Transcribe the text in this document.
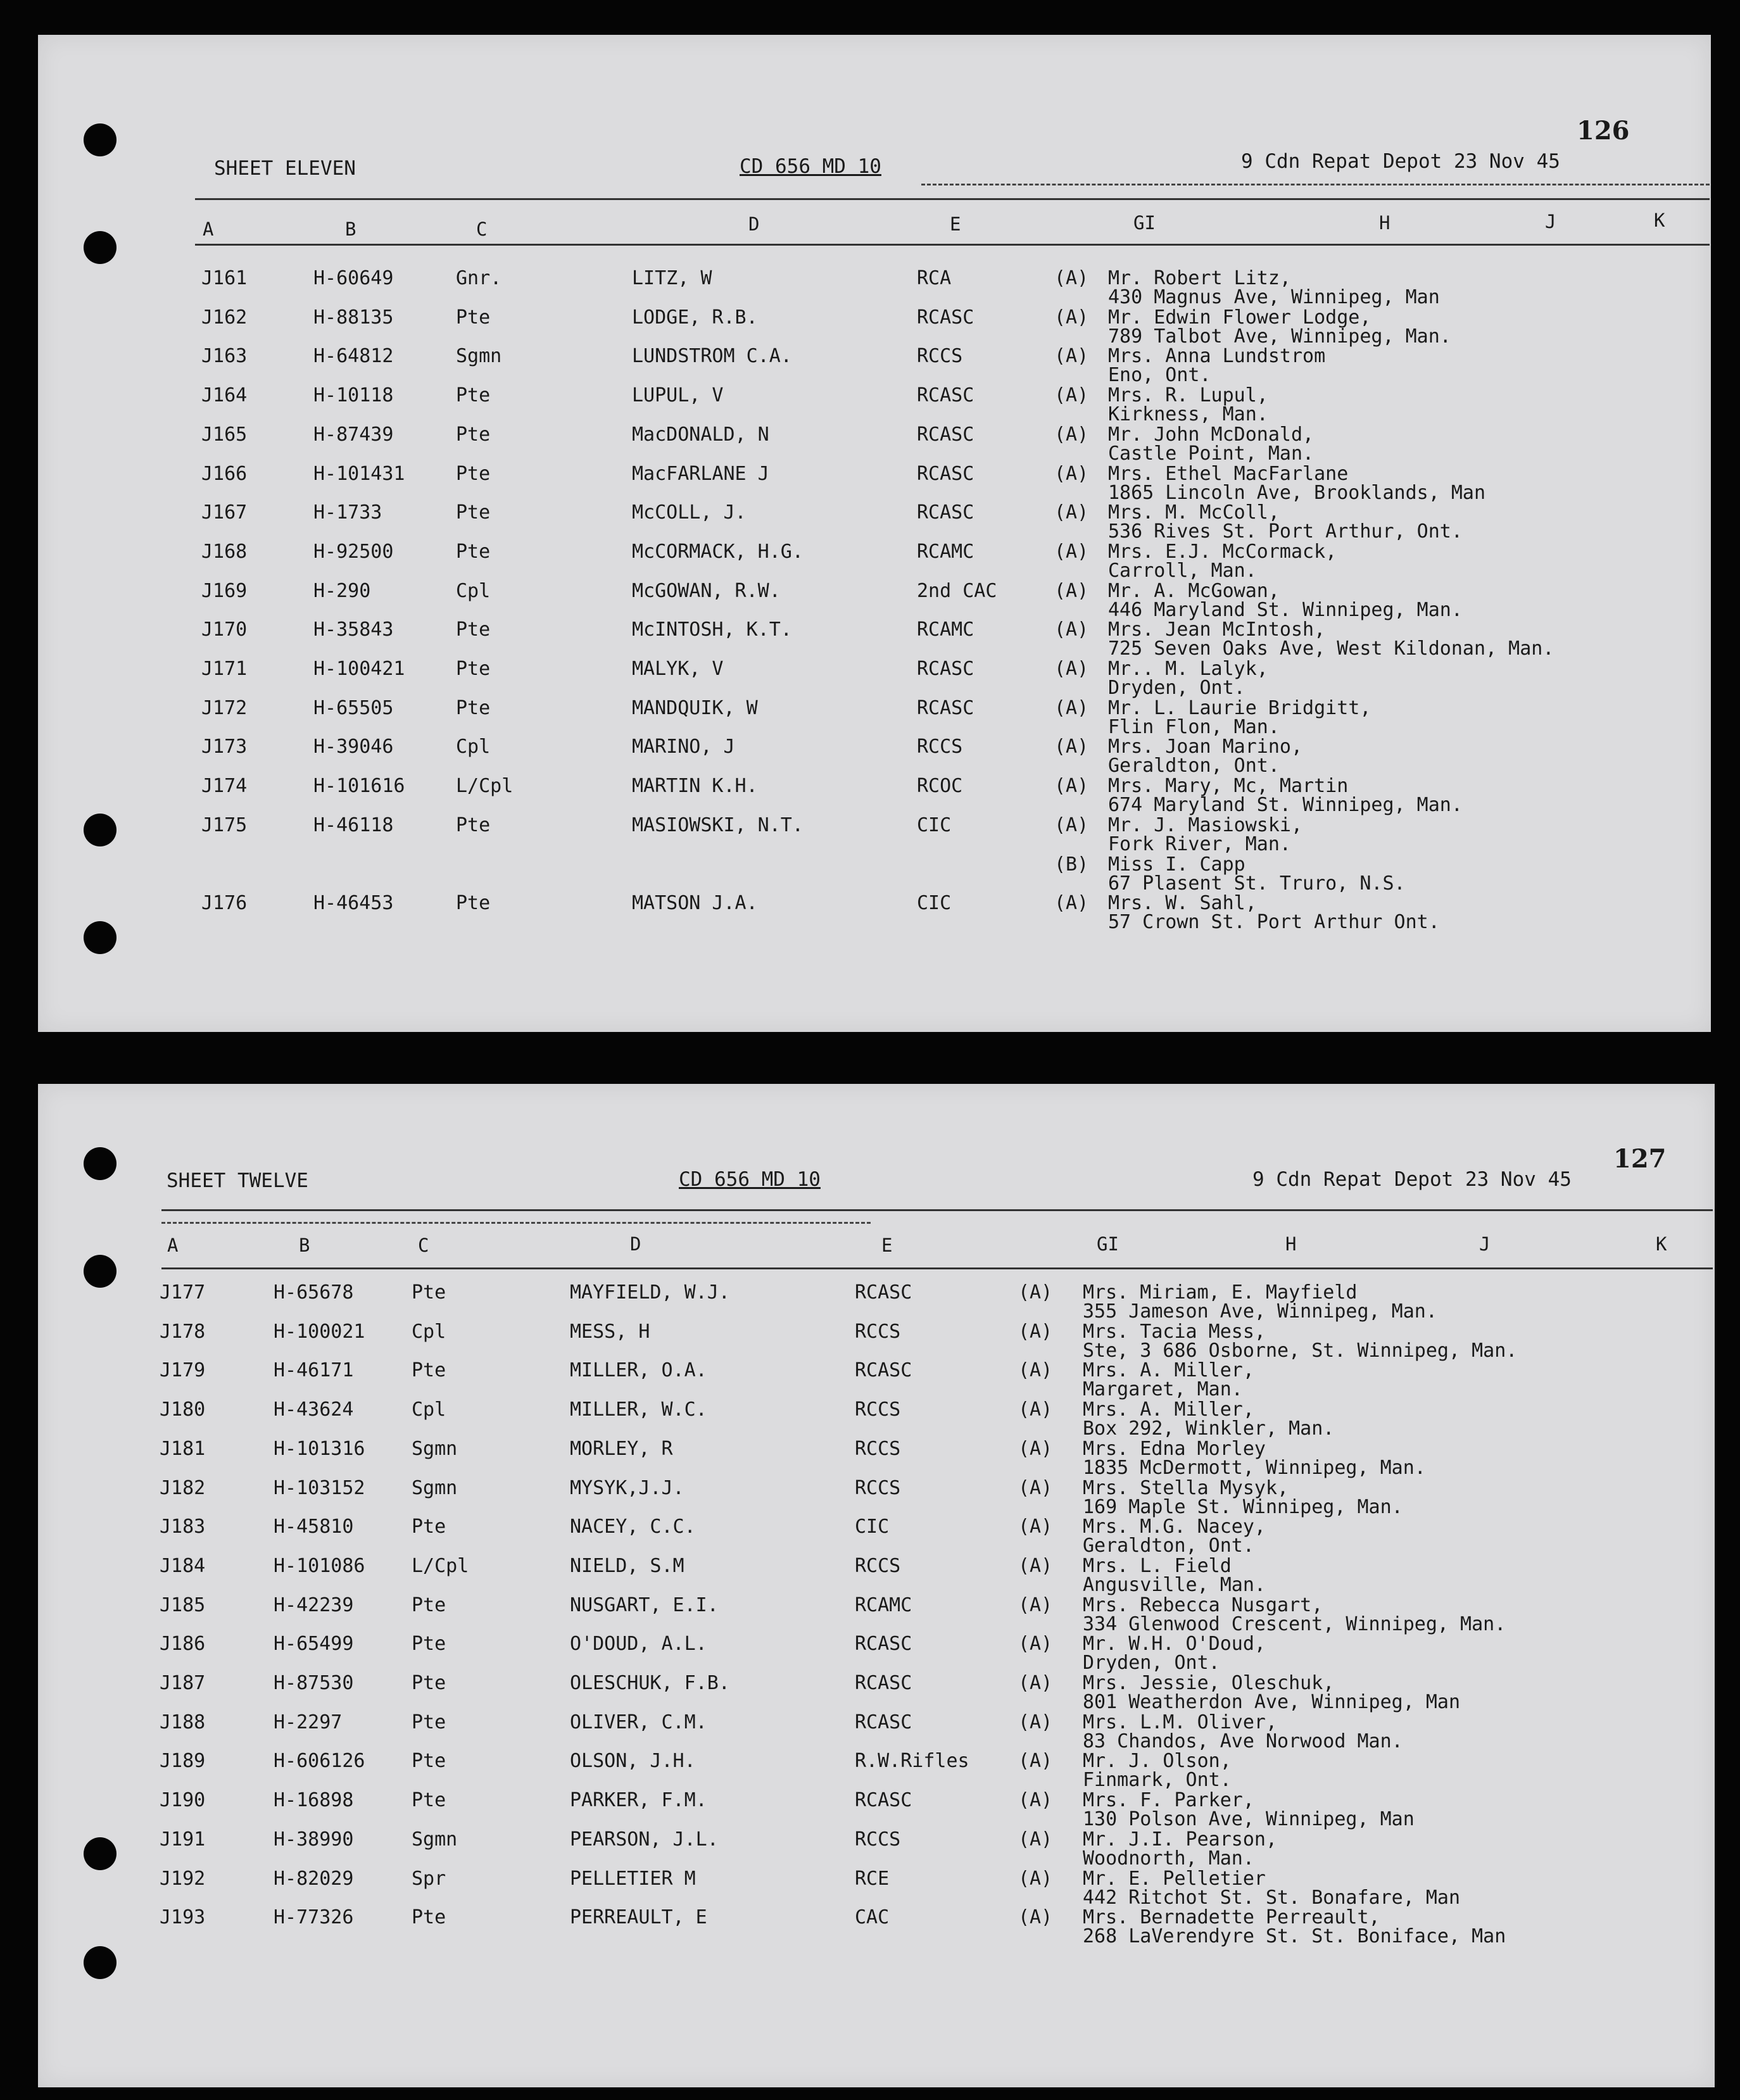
126
SHEET ELEVEN	CD 656 MD 10	9 Cdn Repat Depot 23 Nov 45
A	B	C	D	E	GI	H	J	K
J161	H-60649	Gnr.	LITZ, W	RCA	(A) Mr. Robert Litz,
430 Magnus Ave, Winnipeg, Man
J162	H-88135	Pte	LODGE, R.B.	RCASC	(A) Mr. Edwin Flower Lodge,
789 Talbot Ave, Winnipeg, Man.
J163	H-64812	Sgmn	LUNDSTROM C.A.	RCCS	(A) Mrs. Anna Lundstrom
Eno, Ont.
J164	H-10118	Pte	LUPUL, V	RCASC	(A) Mrs. R. Lupul,
Kirkness, Man.
J165	H-87439	Pte	MacDONALD, N	RCASC	(A) Mr. John McDonald,
Castle Point, Man.
J166	H-101431	Pte	MacFARLANE J	RCASC	(A) Mrs. Ethel MacFarlane
1865 Lincoln Ave, Brooklands, Man
J167	H-1733	Pte	McCOLL, J.	RCASC	(A) Mrs. M. McColl,
536 Rives St. Port Arthur, Ont.
J168	H-92500	Pte	McCORMACK, H.G.	RCAMC	(A) Mrs. E.J. McCormack,
Carroll, Man.
J169	H-290	Cpl	McGOWAN, R.W.	2nd CAC	(A) Mr. A. McGowan,
446 Maryland St. Winnipeg, Man.
J170	H-35843	Pte	McINTOSH, K.T.	RCAMC	(A) Mrs. Jean McIntosh,
725 Seven Oaks Ave, West Kildonan, Man.
J171	H-100421	Pte	MALYK, V	RCASC	(A) Mr.. M. Lalyk,
Dryden, Ont.
J172	H-65505	Pte	MANDQUIK, W	RCASC	(A) Mr. L. Laurie Bridgitt,
Flin Flon, Man.
J173	H-39046	Cpl	MARINO, J	RCCS	(A) Mrs. Joan Marino,
Geraldton, Ont.
J174	H-101616	L/Cpl	MARTIN K.H.	RCOC	(A) Mrs. Mary, Mc, Martin
674 Maryland St. Winnipeg, Man.
J175	H-46118	Pte	MASIOWSKI, N.T.	CIC	(A) Mr. J. Masiowski,
Fork River, Man.
(B) Miss I. Capp
67 Plasent St. Truro, N.S.
J176	H-46453	Pte	MATSON J.A.	CIC	(A) Mrs. W. Sahl,
57 Crown St. Port Arthur Ont.
127
SHEET TWELVE	CD 656 MD 10	9 Cdn Repat Depot 23 Nov 45
A	B	C	D	E	GI	H	J	K
J177	H-65678	Pte	MAYFIELD, W.J.	RCASC	(A) Mrs. Miriam, E. Mayfield
355 Jameson Ave, Winnipeg, Man.
J178	H-100021 Cpl	MESS, H	RCCS	(A) Mrs. Tacia Mess,
Ste, 3 686 Osborne, St. Winnipeg, Man.
J179	H-46171	Pte	MILLER, O.A.	RCASC	(A) Mrs. A. Miller,
Margaret, Man.
J180	H-43624	Cpl	MILLER, W.C.	RCCS	(A) Mrs. A. Miller,
Box 292, Winkler, Man.
J181	H-101316 Sgmn	MORLEY, R	RCCS	(A) Mrs. Edna Morley
1835 McDermott, Winnipeg, Man.
J182	H-103152 Sgmn	MYSYK,J.J.	RCCS	(A) Mrs. Stella Mysyk,
169 Maple St. Winnipeg, Man.
J183	H-45810	Pte	NACEY, C.C.	CIC	(A) Mrs. M.G. Nacey,
Geraldton, Ont.
J184	H-101086 L/Cpl	NIELD, S.M	RCCS	(A) Mrs. L. Field
Angusville, Man.
J185	H-42239	Pte	NUSGART, E.I.	RCAMC	(A) Mrs. Rebecca Nusgart,
334 Glenwood Crescent, Winnipeg, Man.
J186	H-65499	Pte	O'DOUD, A.L.	RCASC	(A) Mr. W.H. O'Doud,
Dryden, Ont.
J187	H-87530	Pte	OLESCHUK, F.B.	RCASC	(A) Mrs. Jessie, Oleschuk,
801 Weatherdon Ave, Winnipeg, Man
J188	H-2297	Pte	OLIVER, C.M.	RCASC	(A) Mrs. L.M. Oliver,
83 Chandos, Ave Norwood Man.
J189	H-606126 Pte	OLSON, J.H.	R.W.Rifles	(A) Mr. J. Olson,
Finmark, Ont.
J190	H-16898	Pte	PARKER, F.M.	RCASC	(A) Mrs. F. Parker,
130 Polson Ave, Winnipeg, Man
J191	H-38990	Sgmn	PEARSON, J.L.	RCCS	(A) Mr. J.I. Pearson,
Woodnorth, Man.
J192	H-82029	Spr	PELLETIER M	RCE	(A) Mr. E. Pelletier
442 Ritchot St. St. Bonafare, Man
J193	H-77326	Pte	PERREAULT, E	CAC	(A) Mrs. Bernadette Perreault,
268 LaVerendyre St. St. Boniface, Man
